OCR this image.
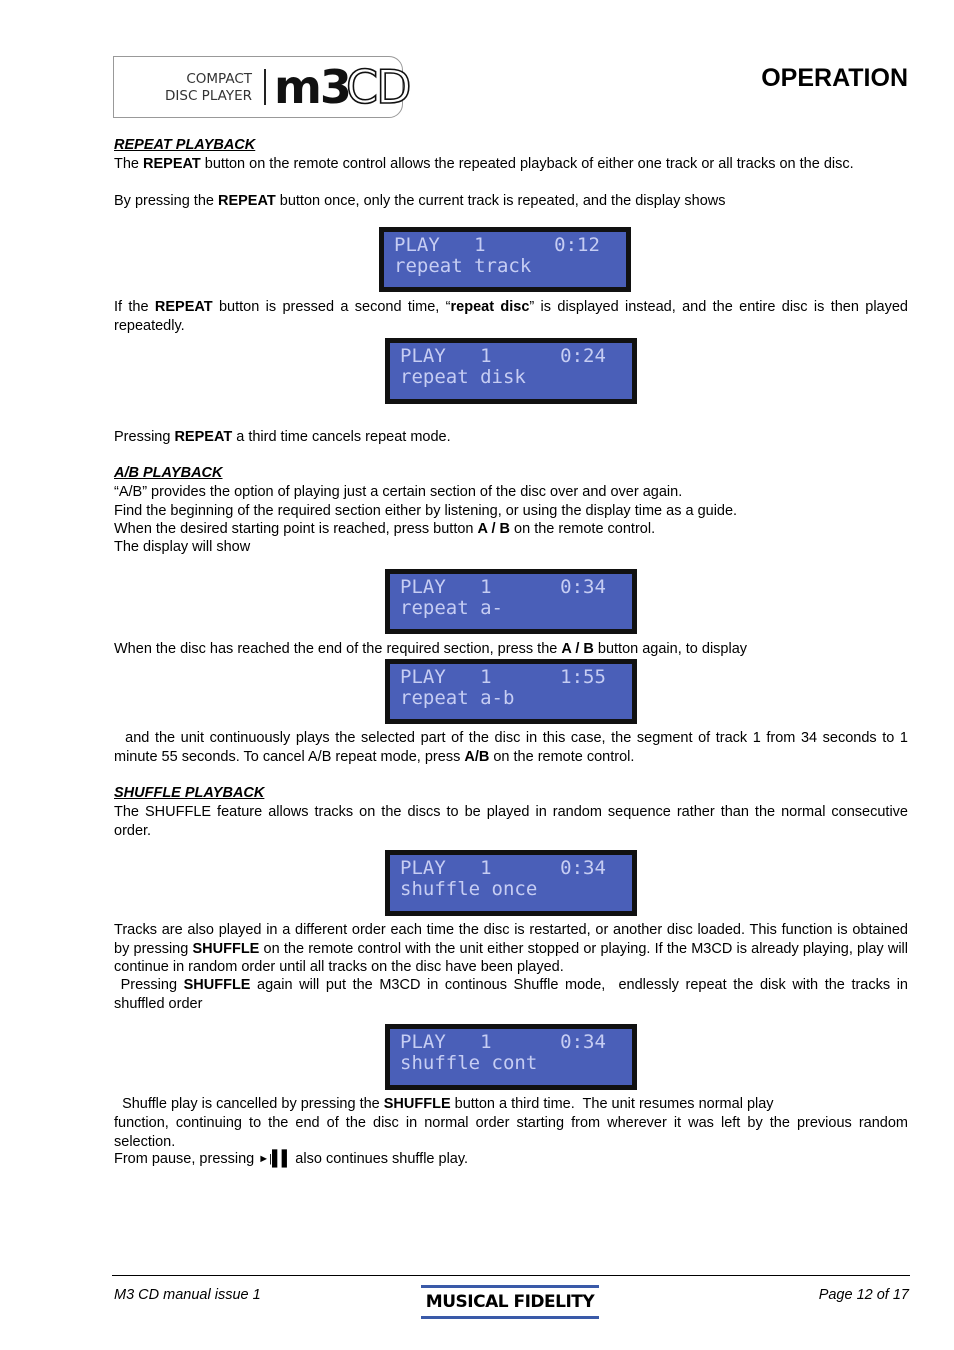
COMPACT
DISC PLAYER m3
CD	OPERATION
REPEAT PLAYBACK
The REPEAT button on the remote control allows the repeated playback of either one track or all tracks on the disc.
By pressing the REPEAT button once, only the current track is repeated, and the display shows
PLAY   1      0:12
repeat track
If the REPEAT button is pressed a second time, “repeat disc” is displayed instead, and the entire disc is then played repeatedly.
PLAY   1      0:24
repeat disk
Pressing REPEAT a third time cancels repeat mode.
A/B PLAYBACK
“A/B” provides the option of playing just a certain section of the disc over and over again.
Find the beginning of the required section either by listening, or using the display time as a guide.
When the desired starting point is reached, press button A / B on the remote control.
The display will show
PLAY   1      0:34
repeat a-
When the disc has reached the end of the required section, press the A / B button again, to display
PLAY   1      1:55
repeat a-b
and the unit continuously plays the selected part of the disc in this case, the segment of track 1 from 34 seconds to 1 minute 55 seconds. To cancel A/B repeat mode, press A/B on the remote control.
SHUFFLE PLAYBACK
The SHUFFLE feature allows tracks on the discs to be played in random sequence rather than the normal consecutive order.
PLAY   1      0:34
shuffle once
Tracks are also played in a different order each time the disc is restarted, or another disc loaded. This function is obtained by pressing SHUFFLE on the remote control with the unit either stopped or playing. If the M3CD is already playing, play will continue in random order until all tracks on the disc have been played.
Pressing SHUFFLE again will put the M3CD in continous Shuffle mode,  endlessly repeat the disk with the tracks in shuffled order
PLAY   1      0:34
shuffle cont
Shuffle play is cancelled by pressing the SHUFFLE button a third time.  The unit resumes normal play
function, continuing to the end of the disc in normal order starting from wherever it was left by the previous random selection.
From pause, pressing ►|▌▌ also continues shuffle play.
M3 CD manual issue 1	MUSICAL FIDELITY	Page 12 of 17
